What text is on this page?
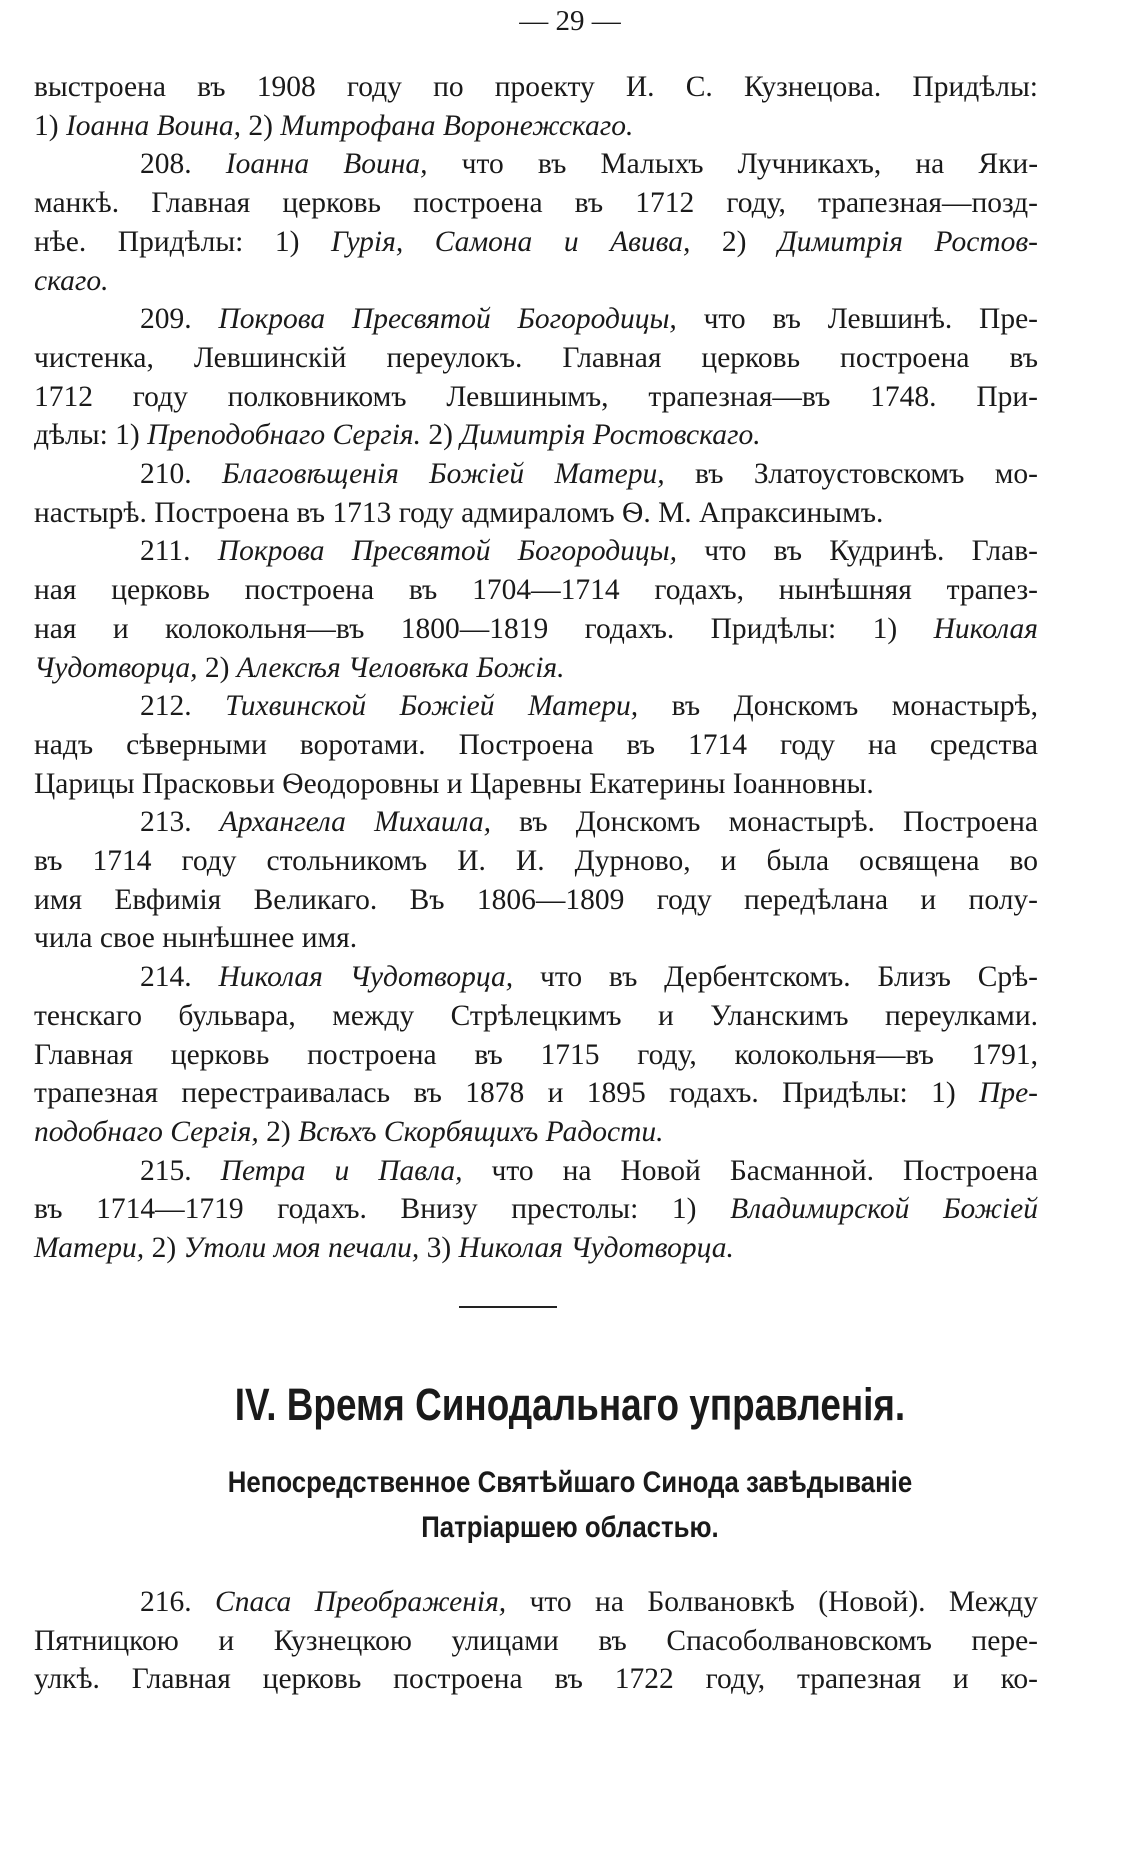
— 29 —

выстроена въ 1908 году по проекту И. С. Кузнецова. Придѣлы:

1) Іоанна Воина, 2) Митрофана Воронежскаго.

208. Іоанна Воина, что въ Малыхъ Лучникахъ, на Яки-

манкѣ. Главная церковь построена въ 1712 году, трапезная—позд-

нѣе. Придѣлы: 1) Гурія, Самона и Авива, 2) Димитрія Ростов-

скаго.

209. Покрова Пресвятой Богородицы, что въ Левшинѣ. Пре-

чистенка, Левшинскій переулокъ. Главная церковь построена въ

1712 году полковникомъ Левшинымъ, трапезная—въ 1748. При-

дѣлы: 1) Преподобнаго Сергія. 2) Димитрія Ростовскаго.

210. Благовѣщенія Божіей Матери, въ Златоустовскомъ мо-

настырѣ. Построена въ 1713 году адмираломъ Ѳ. М. Апраксинымъ.

211. Покрова Пресвятой Богородицы, что въ Кудринѣ. Глав-

ная церковь построена въ 1704—1714 годахъ, нынѣшняя трапез-

ная и колокольня—въ 1800—1819 годахъ. Придѣлы: 1) Николая

Чудотворца, 2) Алексѣя Человѣка Божія.

212. Тихвинской Божіей Матери, въ Донскомъ монастырѣ,

надъ сѣверными воротами. Построена въ 1714 году на средства

Царицы Прасковьи Ѳеодоровны и Царевны Екатерины Іоанновны.

213. Архангела Михаила, въ Донскомъ монастырѣ. Построена

въ 1714 году стольникомъ И. И. Дурново, и была освящена во

имя Евфимія Великаго. Въ 1806—1809 году передѣлана и полу-

чила свое нынѣшнее имя.

214. Николая Чудотворца, что въ Дербентскомъ. Близъ Срѣ-

тенскаго бульвара, между Стрѣлецкимъ и Уланскимъ переулками.

Главная церковь построена въ 1715 году, колокольня—въ 1791,

трапезная перестраивалась въ 1878 и 1895 годахъ. Придѣлы: 1) Пре-

подобнаго Сергія, 2) Всѣхъ Скорбящихъ Радости.

215. Петра и Павла, что на Новой Басманной. Построена

въ 1714—1719 годахъ. Внизу престолы: 1) Владимирской Божіей

Матери, 2) Утоли моя печали, 3) Николая Чудотворца.

IV. Время Синодальнаго управленія.
Непосредственное Святѣйшаго Синода завѣдываніе
Патріаршею областью.

216. Спаса Преображенія, что на Болвановкѣ (Новой). Между

Пятницкою и Кузнецкою улицами въ Спасоболвановскомъ пере-

улкѣ. Главная церковь построена въ 1722 году, трапезная и ко-
